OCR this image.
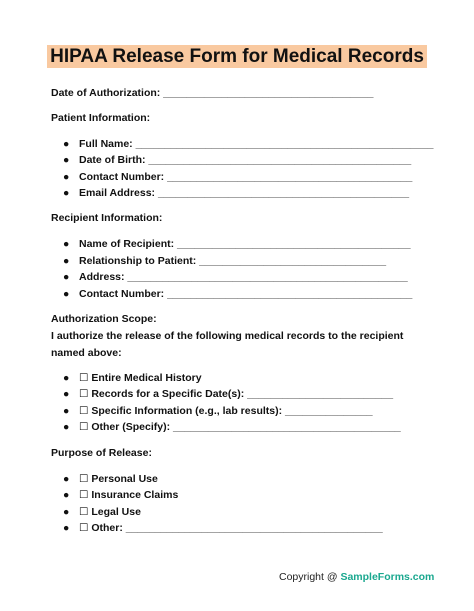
HIPAA Release Form for Medical Records
Date of Authorization: ____________________________________
Patient Information:
● Full Name: ___________________________________________________
● Date of Birth: _____________________________________________
● Contact Number: __________________________________________
● Email Address: ___________________________________________
Recipient Information:
● Name of Recipient: ________________________________________
● Relationship to Patient: ________________________________
● Address: ________________________________________________
● Contact Number: __________________________________________
Authorization Scope:
I authorize the release of the following medical records to the recipient named above:
● ☐ Entire Medical History
● ☐ Records for a Specific Date(s): _________________________
● ☐ Specific Information (e.g., lab results): _______________
● ☐ Other (Specify): _______________________________________
Purpose of Release:
● ☐ Personal Use
● ☐ Insurance Claims
● ☐ Legal Use
● ☐ Other: ____________________________________________
Copyright @ SampleForms.com
